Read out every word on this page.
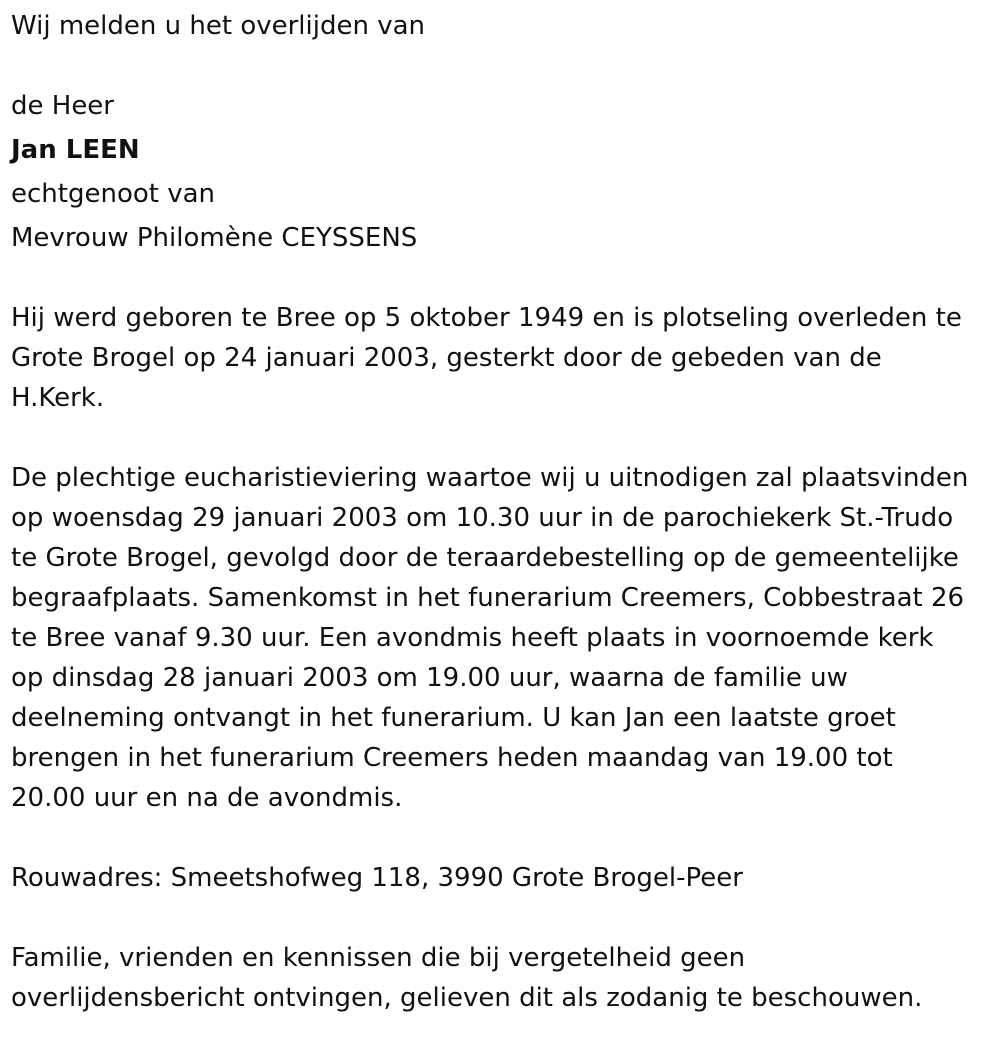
Wij melden u het overlijden van

de Heer

Jan LEEN

echtgenoot van

Mevrouw Philomène CEYSSENS

Hij werd geboren te Bree op 5 oktober 1949 en is plotseling overleden te
Grote Brogel op 24 januari 2003, gesterkt door de gebeden van de
H.Kerk.
De plechtige eucharistieviering waartoe wij u uitnodigen zal plaatsvinden
op woensdag 29 januari 2003 om 10.30 uur in de parochiekerk St.-Trudo
te Grote Brogel, gevolgd door de teraardebestelling op de gemeentelijke
begraafplaats. Samenkomst in het funerarium Creemers, Cobbestraat 26
te Bree vanaf 9.30 uur. Een avondmis heeft plaats in voornoemde kerk
op dinsdag 28 januari 2003 om 19.00 uur, waarna de familie uw
deelneming ontvangt in het funerarium. U kan Jan een laatste groet
brengen in het funerarium Creemers heden maandag van 19.00 tot
20.00 uur en na de avondmis.

Rouwadres: Smeetshofweg 118, 3990 Grote Brogel-Peer

Familie, vrienden en kennissen die bij vergetelheid geen
overlijdensbericht ontvingen, gelieven dit als zodanig te beschouwen.
